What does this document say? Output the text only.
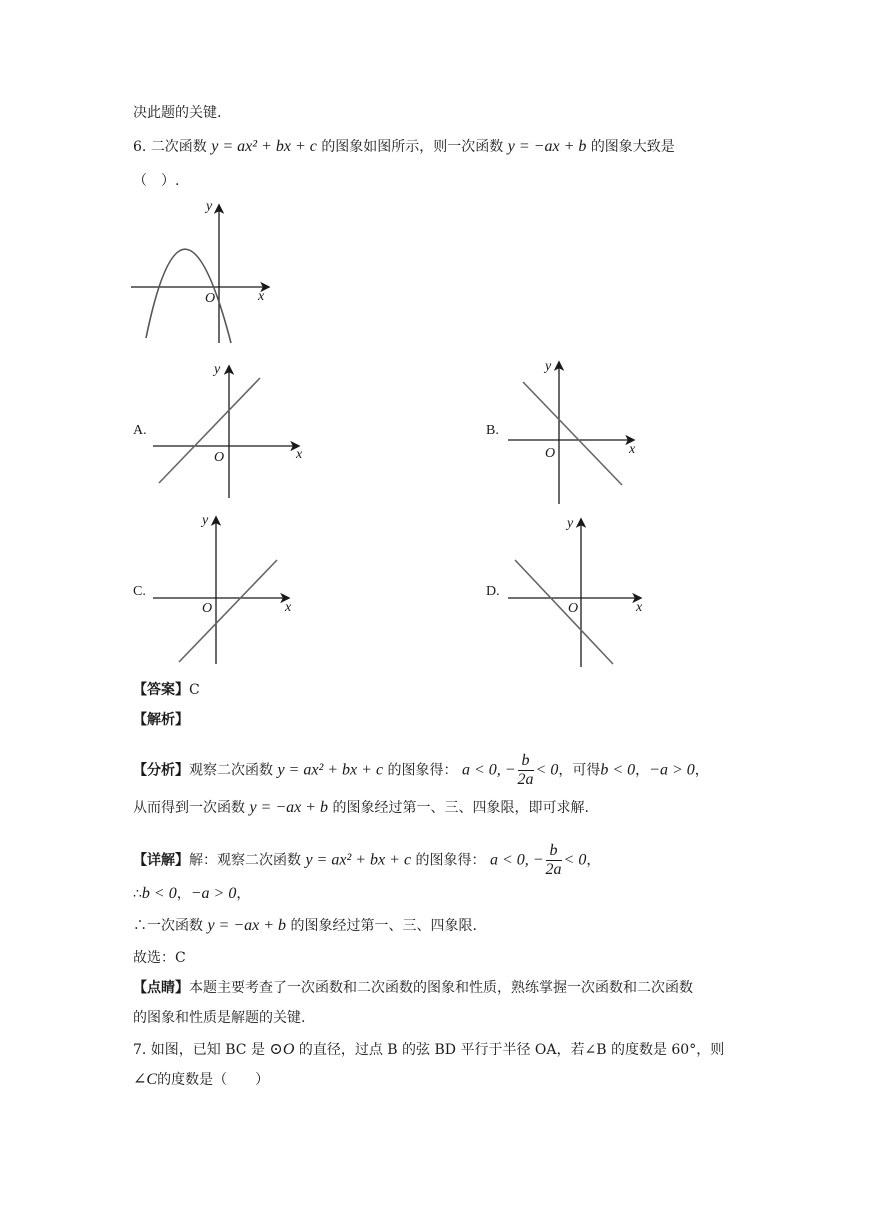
决此题的关键.
6. 二次函数 y = ax² + bx + c 的图象如图所示，则一次函数 y = −ax + b 的图象大致是
（　）.
y
x
O
A.
y
x
O
B.
y
x
O
C.
y
x
O
D.
y
x
O
【答案】C
【解析】
【分析】观察二次函数 y = ax² + bx + c 的图象得： a < 0, − $\frac{b}{2a} < 0$，可得b < 0，−a > 0，
从而得到一次函数 y = −ax + b 的图象经过第一、三、四象限，即可求解.
【详解】解：观察二次函数 y = ax² + bx + c 的图象得： a < 0, − $\frac{b}{2a} < 0$，
∴b < 0，−a > 0，
∴一次函数 y = −ax + b 的图象经过第一、三、四象限.
故选：C
【点睛】本题主要考查了一次函数和二次函数的图象和性质，熟练掌握一次函数和二次函数
的图象和性质是解题的关键.
7. 如图，已知 BC 是 ⊙O 的直径，过点 B 的弦 BD 平行于半径 OA，若∠B 的度数是 60°，则
∠C的度数是（　　）
